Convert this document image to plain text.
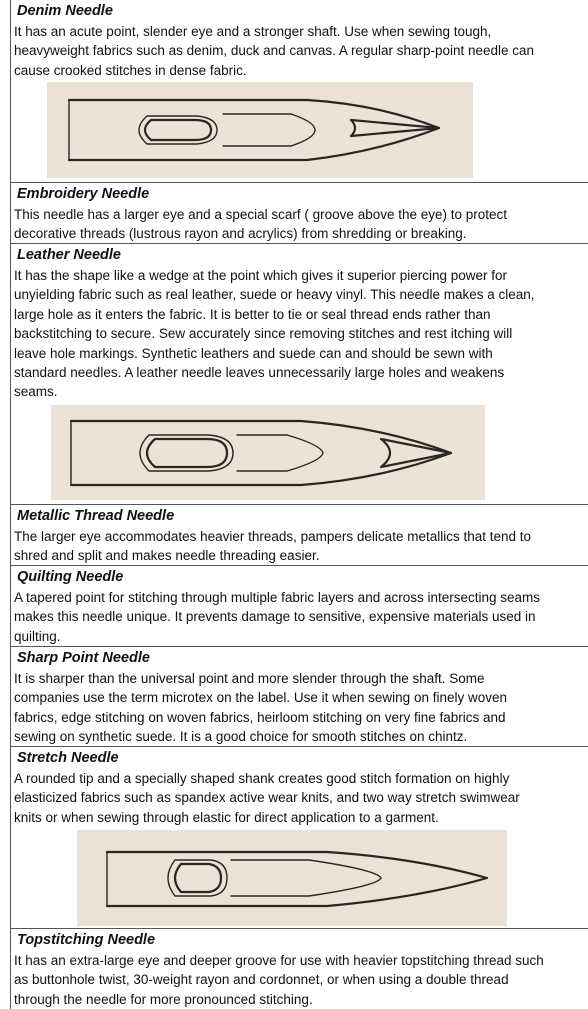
Denim Needle
It has an acute point, slender eye and a stronger shaft. Use when sewing tough,
heavyweight fabrics such as denim, duck and canvas. A regular sharp-point needle can
cause crooked stitches in dense fabric.
Embroidery Needle
This needle has a larger eye and a special scarf ( groove above the eye) to protect
decorative threads (lustrous rayon and acrylics) from shredding or breaking.
Leather Needle
It has the shape like a wedge at the point which gives it superior piercing power for
unyielding fabric such as real leather, suede or heavy vinyl. This needle makes a clean,
large hole as it enters the fabric. It is better to tie or seal thread ends rather than
backstitching to secure. Sew accurately since removing stitches and rest itching will
leave hole markings. Synthetic leathers and suede can and should be sewn with
standard needles. A leather needle leaves unnecessarily large holes and weakens
seams.
Metallic Thread Needle
The larger eye accommodates heavier threads, pampers delicate metallics that tend to
shred and split and makes needle threading easier.
Quilting Needle
A tapered point for stitching through multiple fabric layers and across intersecting seams
makes this needle unique. It prevents damage to sensitive, expensive materials used in
quilting.
Sharp Point Needle
It is sharper than the universal point and more slender through the shaft. Some
companies use the term microtex on the label. Use it when sewing on finely woven
fabrics, edge stitching on woven fabrics, heirloom stitching on very fine fabrics and
sewing on synthetic suede. It is a good choice for smooth stitches on chintz.
Stretch Needle
A rounded tip and a specially shaped shank creates good stitch formation on highly
elasticized fabrics such as spandex active wear knits, and two way stretch swimwear
knits or when sewing through elastic for direct application to a garment.
Topstitching Needle
It has an extra-large eye and deeper groove for use with heavier topstitching thread such
as buttonhole twist, 30-weight rayon and cordonnet, or when using a double thread
through the needle for more pronounced stitching.
